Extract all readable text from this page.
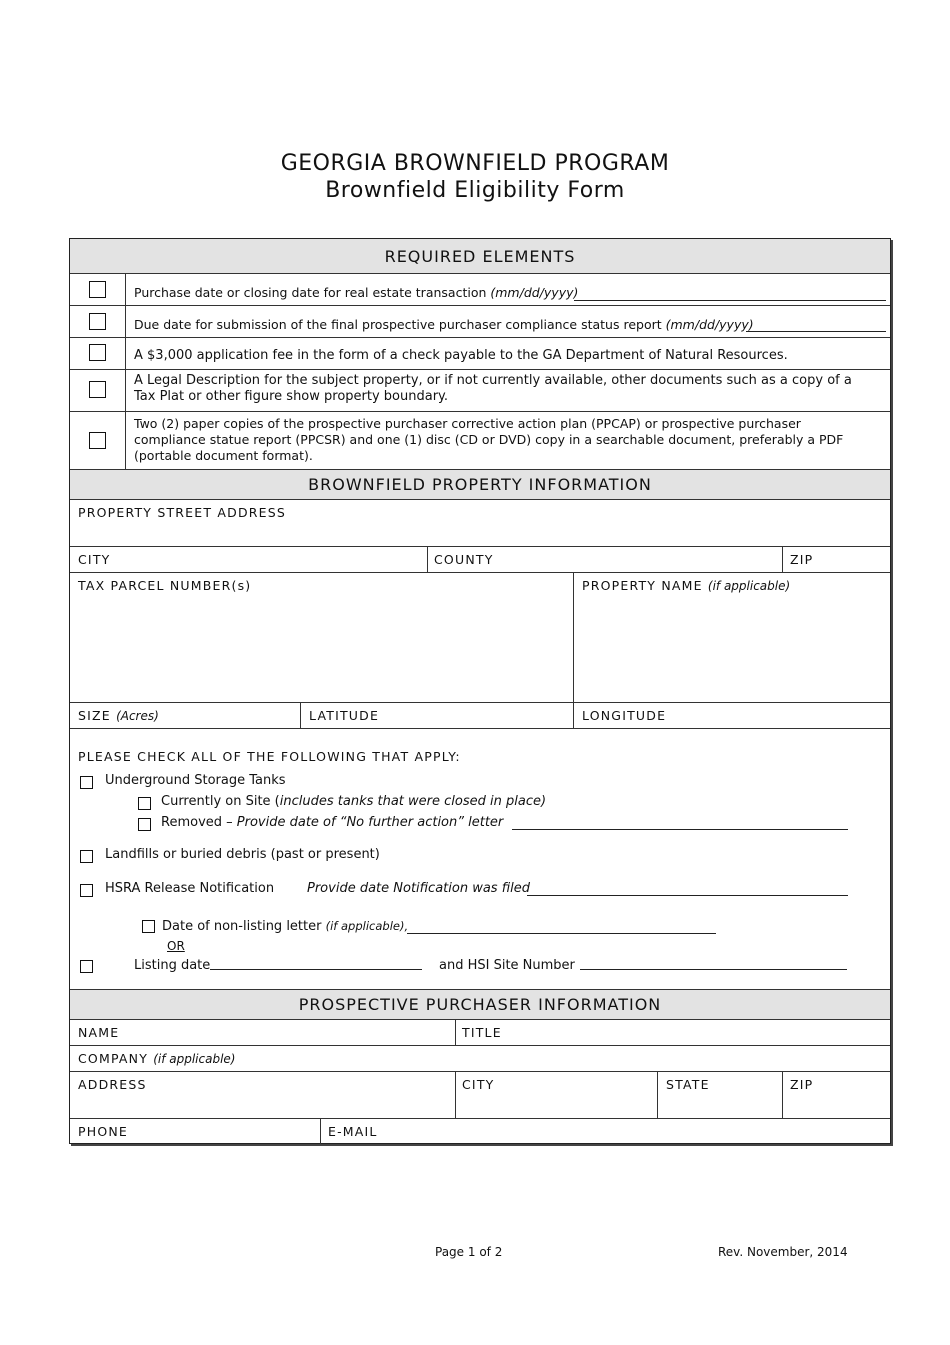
GEORGIA BROWNFIELD PROGRAM
Brownfield Eligibility Form
REQUIRED ELEMENTS
Purchase date or closing date for real estate transaction (mm/dd/yyyy)
Due date for submission of the final prospective purchaser compliance status report (mm/dd/yyyy)
A $3,000 application fee in the form of a check payable to the GA Department of Natural Resources.
A Legal Description for the subject property, or if not currently available, other documents such as a copy of a Tax Plat or other figure show property boundary.
Two (2) paper copies of the prospective purchaser corrective action plan (PPCAP) or prospective purchaser compliance statue report (PPCSR) and one (1) disc (CD or DVD) copy in a searchable document, preferably a PDF (portable document format).
BROWNFIELD PROPERTY INFORMATION
PROPERTY STREET ADDRESS
CITY	COUNTY	ZIP
TAX PARCEL NUMBER(s)	PROPERTY NAME (if applicable)
SIZE (Acres)	LATITUDE	LONGITUDE
PLEASE CHECK ALL OF THE FOLLOWING THAT APPLY:
Underground Storage Tanks
Currently on Site (includes tanks that were closed in place)
Removed – Provide date of “No further action” letter
Landfills or buried debris (past or present)
HSRA Release Notification	Provide date Notification was filed
Date of non-listing letter (if applicable),
OR
Listing date	and HSI Site Number
PROSPECTIVE PURCHASER INFORMATION
NAME	TITLE
COMPANY (if applicable)
ADDRESS	CITY	STATE	ZIP
PHONE	E-MAIL
Page 1 of 2	Rev. November, 2014
